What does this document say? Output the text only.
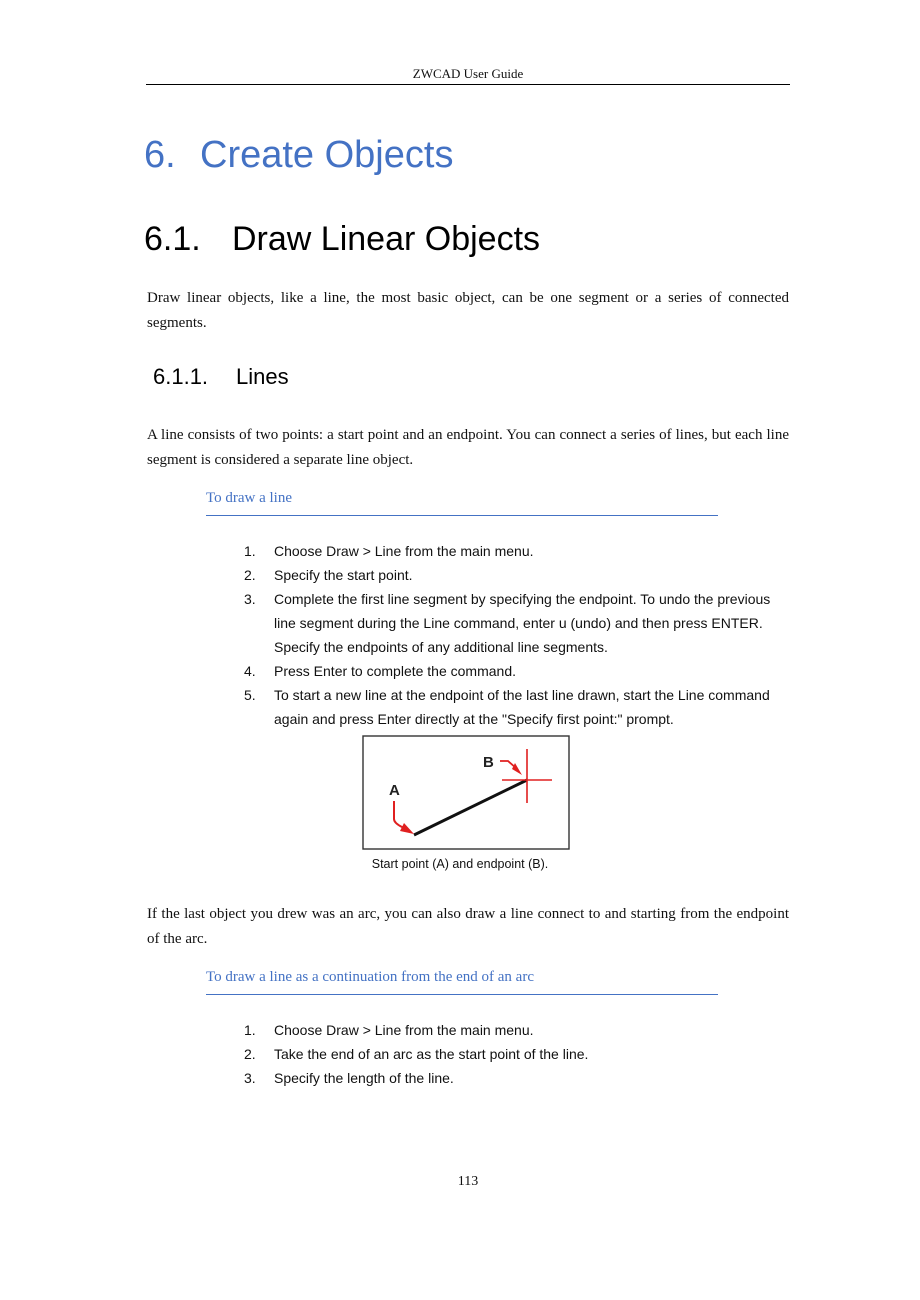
ZWCAD User Guide
6. Create Objects
6.1. Draw Linear Objects

Draw linear objects, like a line, the most basic object, can be one segment or a series of connected segments.

6.1.1. Lines

A line consists of two points: a start point and an endpoint. You can connect a series of lines, but each line segment is considered a separate line object.

To draw a line
1. Choose Draw > Line from the main menu.
2. Specify the start point.
3. Complete the first line segment by specifying the endpoint. To undo the previous line segment during the Line command, enter u (undo) and then press ENTER. Specify the endpoints of any additional line segments.
4. Press Enter to complete the command.
5. To start a new line at the endpoint of the last line drawn, start the Line command again and press Enter directly at the "Specify first point:" prompt.
A
B
Start point (A) and endpoint (B).

If the last object you drew was an arc, you can also draw a line connect to and starting from the endpoint of the arc.

To draw a line as a continuation from the end of an arc
1. Choose Draw > Line from the main menu.
2. Take the end of an arc as the start point of the line.
3. Specify the length of the line.
113
